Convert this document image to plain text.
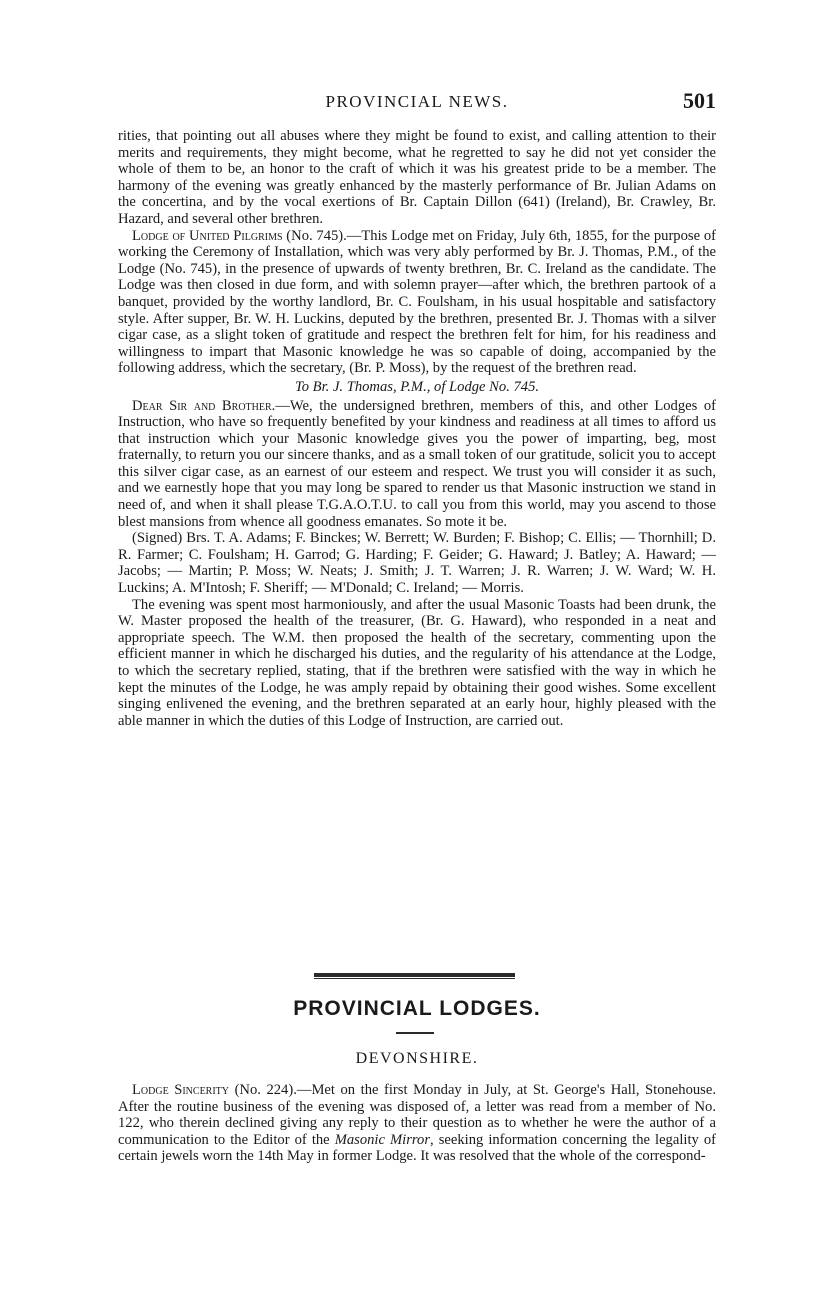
PROVINCIAL NEWS.	501

rities, that pointing out all abuses where they might be found to exist, and calling attention to their merits and requirements, they might become, what he regretted to say he did not yet consider the whole of them to be, an honor to the craft of which it was his greatest pride to be a member. The harmony of the evening was greatly enhanced by the masterly performance of Br. Julian Adams on the concertina, and by the vocal exertions of Br. Captain Dillon (641) (Ireland), Br. Crawley, Br. Hazard, and several other brethren.

Lodge of United Pilgrims (No. 745).—This Lodge met on Friday, July 6th, 1855, for the purpose of working the Ceremony of Installation, which was very ably performed by Br. J. Thomas, P.M., of the Lodge (No. 745), in the presence of upwards of twenty brethren, Br. C. Ireland as the candidate. The Lodge was then closed in due form, and with solemn prayer—after which, the brethren partook of a banquet, provided by the worthy landlord, Br. C. Foulsham, in his usual hospitable and satisfactory style. After supper, Br. W. H. Luckins, deputed by the brethren, presented Br. J. Thomas with a silver cigar case, as a slight token of gratitude and respect the brethren felt for him, for his readiness and willingness to impart that Masonic knowledge he was so capable of doing, accompanied by the following address, which the secretary, (Br. P. Moss), by the request of the brethren read.

To Br. J. Thomas, P.M., of Lodge No. 745.

Dear Sir and Brother.—We, the undersigned brethren, members of this, and other Lodges of Instruction, who have so frequently benefited by your kindness and readiness at all times to afford us that instruction which your Masonic knowledge gives you the power of imparting, beg, most fraternally, to return you our sincere thanks, and as a small token of our gratitude, solicit you to accept this silver cigar case, as an earnest of our esteem and respect. We trust you will consider it as such, and we earnestly hope that you may long be spared to render us that Masonic instruction we stand in need of, and when it shall please T.G.A.O.T.U. to call you from this world, may you ascend to those blest mansions from whence all goodness emanates. So mote it be.

(Signed) Brs. T. A. Adams; F. Binckes; W. Berrett; W. Burden; F. Bishop; C. Ellis; — Thornhill; D. R. Farmer; C. Foulsham; H. Garrod; G. Harding; F. Geider; G. Haward; J. Batley; A. Haward; — Jacobs; — Martin; P. Moss; W. Neats; J. Smith; J. T. Warren; J. R. Warren; J. W. Ward; W. H. Luckins; A. M'Intosh; F. Sheriff; — M'Donald; C. Ireland; — Morris.

The evening was spent most harmoniously, and after the usual Masonic Toasts had been drunk, the W. Master proposed the health of the treasurer, (Br. G. Haward), who responded in a neat and appropriate speech. The W.M. then proposed the health of the secretary, commenting upon the efficient manner in which he discharged his duties, and the regularity of his attendance at the Lodge, to which the secretary replied, stating, that if the brethren were satisfied with the way in which he kept the minutes of the Lodge, he was amply repaid by obtaining their good wishes. Some excellent singing enlivened the evening, and the brethren separated at an early hour, highly pleased with the able manner in which the duties of this Lodge of Instruction, are carried out.

PROVINCIAL LODGES.
DEVONSHIRE.

Lodge Sincerity (No. 224).—Met on the first Monday in July, at St. George's Hall, Stonehouse. After the routine business of the evening was disposed of, a letter was read from a member of No. 122, who therein declined giving any reply to their question as to whether he were the author of a communication to the Editor of the Masonic Mirror, seeking information concerning the legality of certain jewels worn the 14th May in former Lodge. It was resolved that the whole of the correspond-
